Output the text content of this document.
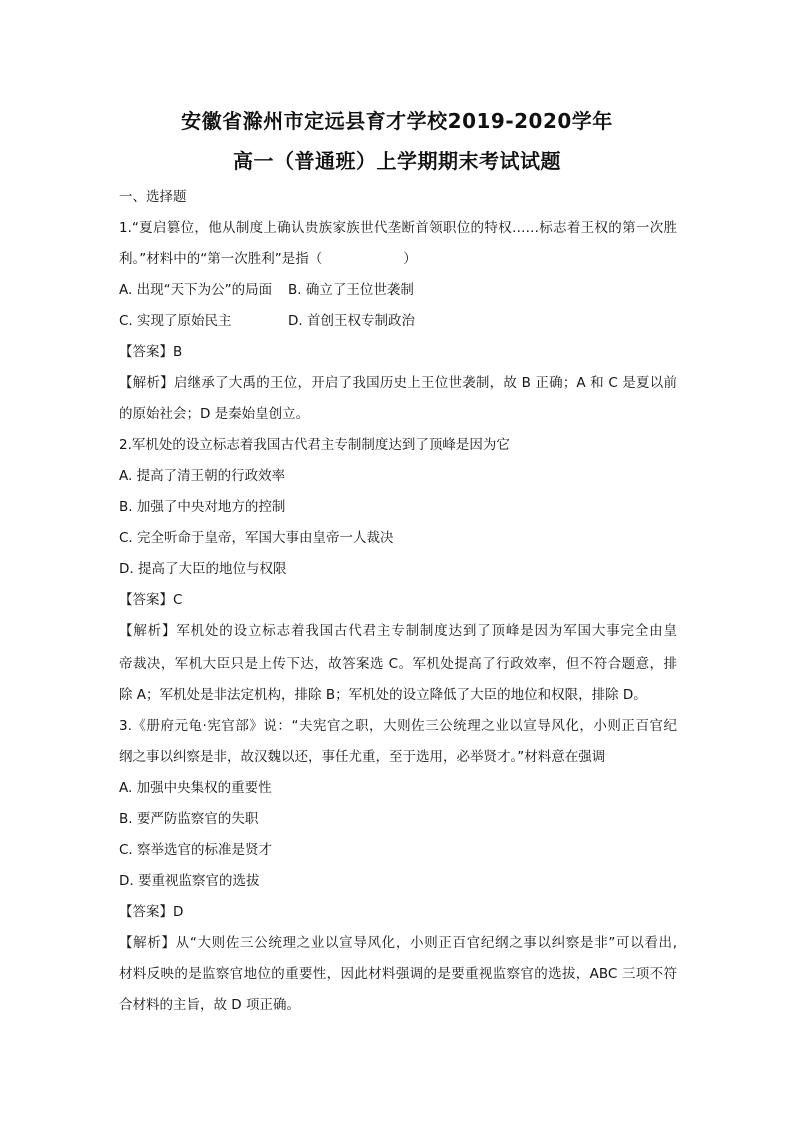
安徽省滁州市定远县育才学校2019-2020学年
高一（普通班）上学期期末考试试题
一、选择题
1.“夏启篡位，他从制度上确认贵族家族世代垄断首领职位的特权……标志着王权的第一次胜
利。”材料中的“第一次胜利”是指（　　　　　　）
A. 出现“天下为公”的局面 B. 确立了王位世袭制
C. 实现了原始民主	D. 首创王权专制政治
【答案】B
【解析】启继承了大禹的王位，开启了我国历史上王位世袭制，故 B 正确；A 和 C 是夏以前
的原始社会；D 是秦始皇创立。
2.军机处的设立标志着我国古代君主专制制度达到了顶峰是因为它
A. 提高了清王朝的行政效率
B. 加强了中央对地方的控制
C. 完全听命于皇帝，军国大事由皇帝一人裁决
D. 提高了大臣的地位与权限
【答案】C
【解析】军机处的设立标志着我国古代君主专制制度达到了顶峰是因为军国大事完全由皇
帝裁决，军机大臣只是上传下达，故答案选 C。军机处提高了行政效率，但不符合题意，排
除 A；军机处是非法定机构，排除 B；军机处的设立降低了大臣的地位和权限，排除 D。
3.《册府元龟·宪官部》说：“夫宪官之职，大则佐三公统理之业以宣导风化，小则正百官纪
纲之事以纠察是非，故汉魏以还，事任尤重，至于选用，必举贤才。”材料意在强调
A. 加强中央集权的重要性
B. 要严防监察官的失职
C. 察举选官的标准是贤才
D. 要重视监察官的选拔
【答案】D
【解析】从“大则佐三公统理之业以宣导风化，小则正百官纪纲之事以纠察是非”可以看出,
材料反映的是监察官地位的重要性，因此材料强调的是要重视监察官的选拔，ABC 三项不符
合材料的主旨，故 D 项正确。
